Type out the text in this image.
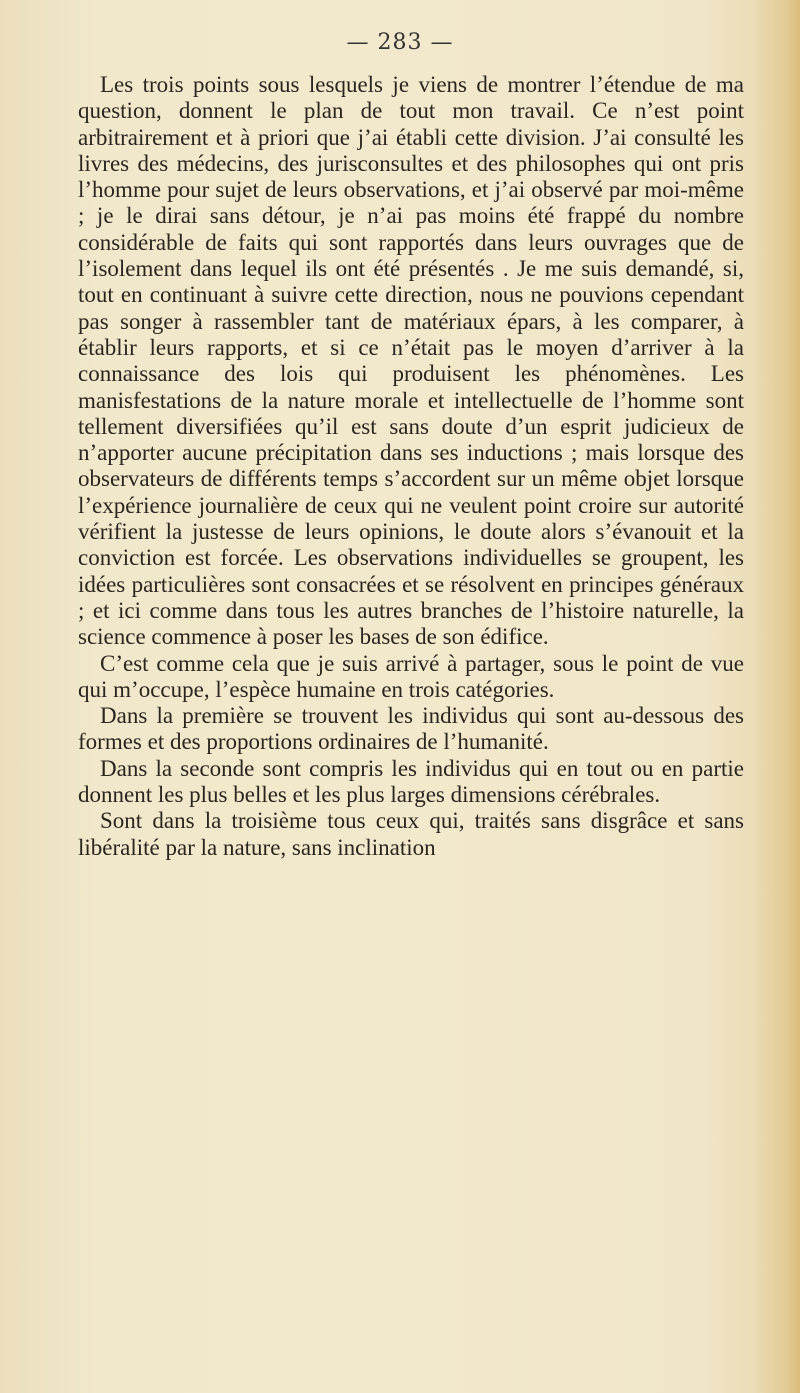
— 283 —

Les trois points sous lesquels je viens de montrer l’étendue de ma question, donnent le plan de tout mon travail. Ce n’est point arbitrairement et à priori que j’ai établi cette division. J’ai consulté les livres des médecins, des jurisconsultes et des philosophes qui ont pris l’homme pour sujet de leurs observations, et j’ai observé par moi-même ; je le dirai sans détour, je n’ai pas moins été frappé du nombre considérable de faits qui sont rapportés dans leurs ouvrages que de l’isolement dans lequel ils ont été présentés . Je me suis demandé, si, tout en continuant à suivre cette direction, nous ne pouvions cependant pas songer à rassembler tant de matériaux épars, à les comparer, à établir leurs rapports, et si ce n’était pas le moyen d’arriver à la connaissance des lois qui produisent les phénomènes. Les manisfestations de la nature morale et intellectuelle de l’homme sont tellement diversifiées qu’il est sans doute d’un esprit judicieux de n’apporter aucune précipitation dans ses inductions ; mais lorsque des observateurs de différents temps s’accordent sur un même objet lorsque l’expérience journalière de ceux qui ne veulent point croire sur autorité vérifient la justesse de leurs opinions, le doute alors s’évanouit et la conviction est forcée. Les observations individuelles se groupent, les idées particulières sont consacrées et se résolvent en principes généraux ; et ici comme dans tous les autres branches de l’histoire naturelle, la science commence à poser les bases de son édifice.

C’est comme cela que je suis arrivé à partager, sous le point de vue qui m’occupe, l’espèce humaine en trois catégories.

Dans la première se trouvent les individus qui sont au-dessous des formes et des proportions ordinaires de l’humanité.

Dans la seconde sont compris les individus qui en tout ou en partie donnent les plus belles et les plus larges dimensions cérébrales.

Sont dans la troisième tous ceux qui, traités sans disgrâce et sans libéralité par la nature, sans inclination
